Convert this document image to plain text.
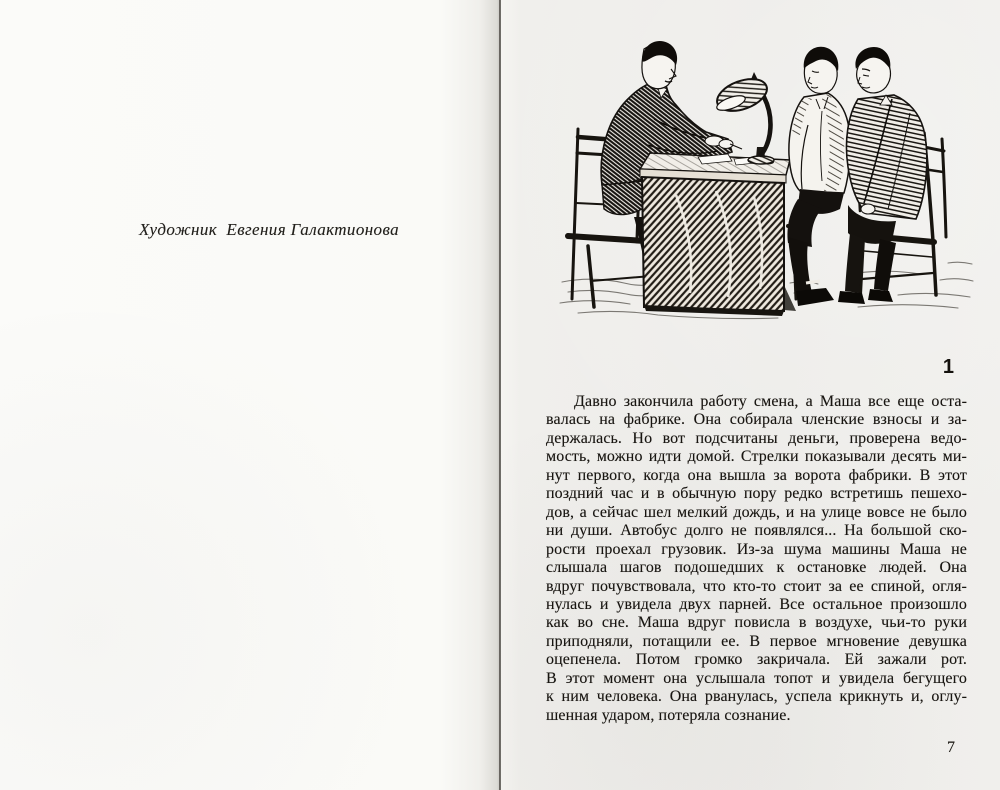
Художник  Евгения Галактионова
1
Давно закончила работу смена, а Маша все еще оста-
валась на фабрике. Она собирала членские взносы и за-
держалась. Но вот подсчитаны деньги, проверена ведо-
мость, можно идти домой. Стрелки показывали десять ми-
нут первого, когда она вышла за ворота фабрики. В этот
поздний час и в обычную пору редко встретишь пешехо-
дов, а сейчас шел мелкий дождь, и на улице вовсе не было
ни души. Автобус долго не появлялся... На большой ско-
рости проехал грузовик. Из-за шума машины Маша не
слышала шагов подошедших к остановке людей. Она
вдруг почувствовала, что кто-то стоит за ее спиной, огля-
нулась и увидела двух парней. Все остальное произошло
как во сне. Маша вдруг повисла в воздухе, чьи-то руки
приподняли, потащили ее. В первое мгновение девушка
оцепенела. Потом громко закричала. Ей зажали рот.
В этот момент она услышала топот и увидела бегущего
к ним человека. Она рванулась, успела крикнуть и, оглу-
шенная ударом, потеряла сознание.
7
